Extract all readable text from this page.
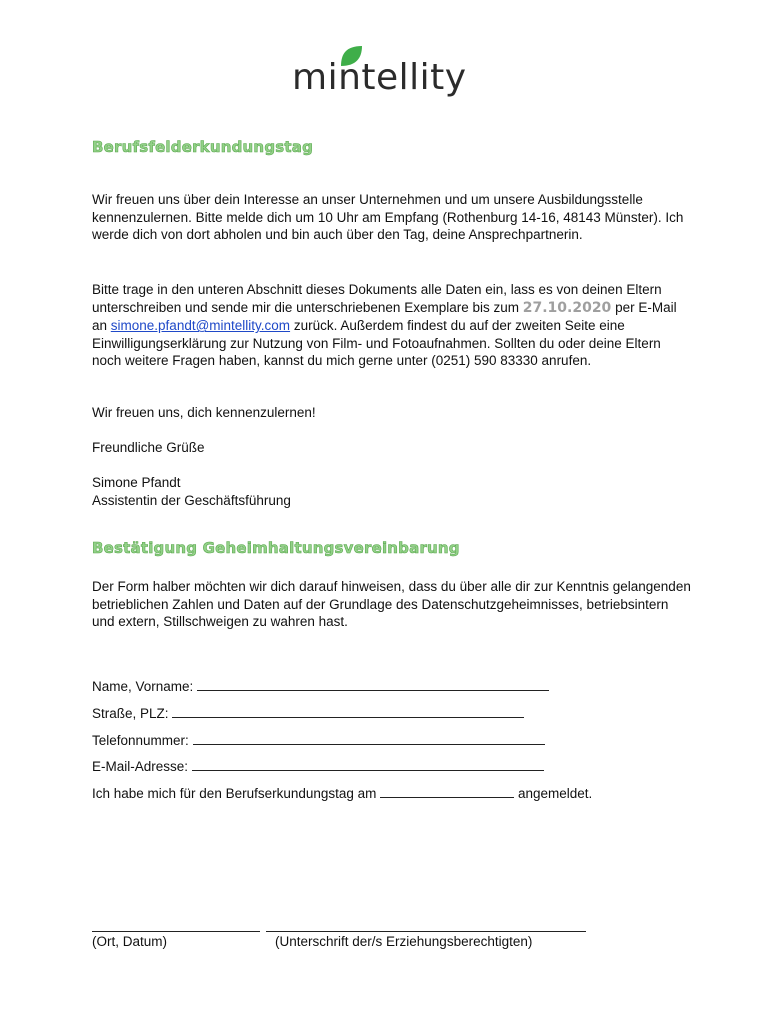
mintellity
Berufsfelderkundungstag

Wir freuen uns über dein Interesse an unser Unternehmen und um unsere Ausbildungsstelle kennenzulernen. Bitte melde dich um 10 Uhr am Empfang (Rothenburg 14-16, 48143 Münster). Ich werde dich von dort abholen und bin auch über den Tag, deine Ansprechpartnerin.

Bitte trage in den unteren Abschnitt dieses Dokuments alle Daten ein, lass es von deinen Eltern unterschreiben und sende mir die unterschriebenen Exemplare bis zum 27.10.2020 per E-Mail an simone.pfandt@mintellity.com zurück. Außerdem findest du auf der zweiten Seite eine Einwilligungserklärung zur Nutzung von Film- und Fotoaufnahmen. Sollten du oder deine Eltern noch weitere Fragen haben, kannst du mich gerne unter (0251) 590 83330 anrufen.

Wir freuen uns, dich kennenzulernen!
Freundliche Grüße
Simone Pfandt
Assistentin der Geschäftsführung
Bestätigung Geheimhaltungsvereinbarung

Der Form halber möchten wir dich darauf hinweisen, dass du über alle dir zur Kenntnis gelangenden betrieblichen Zahlen und Daten auf der Grundlage des Datenschutzgeheimnisses, betriebsintern und extern, Stillschweigen zu wahren hast.

Name, Vorname:
Straße, PLZ:
Telefonnummer:
E-Mail-Adresse:
Ich habe mich für den Berufserkundungstag am	angemeldet.
(Ort, Datum)	(Unterschrift der/s Erziehungsberechtigten)
